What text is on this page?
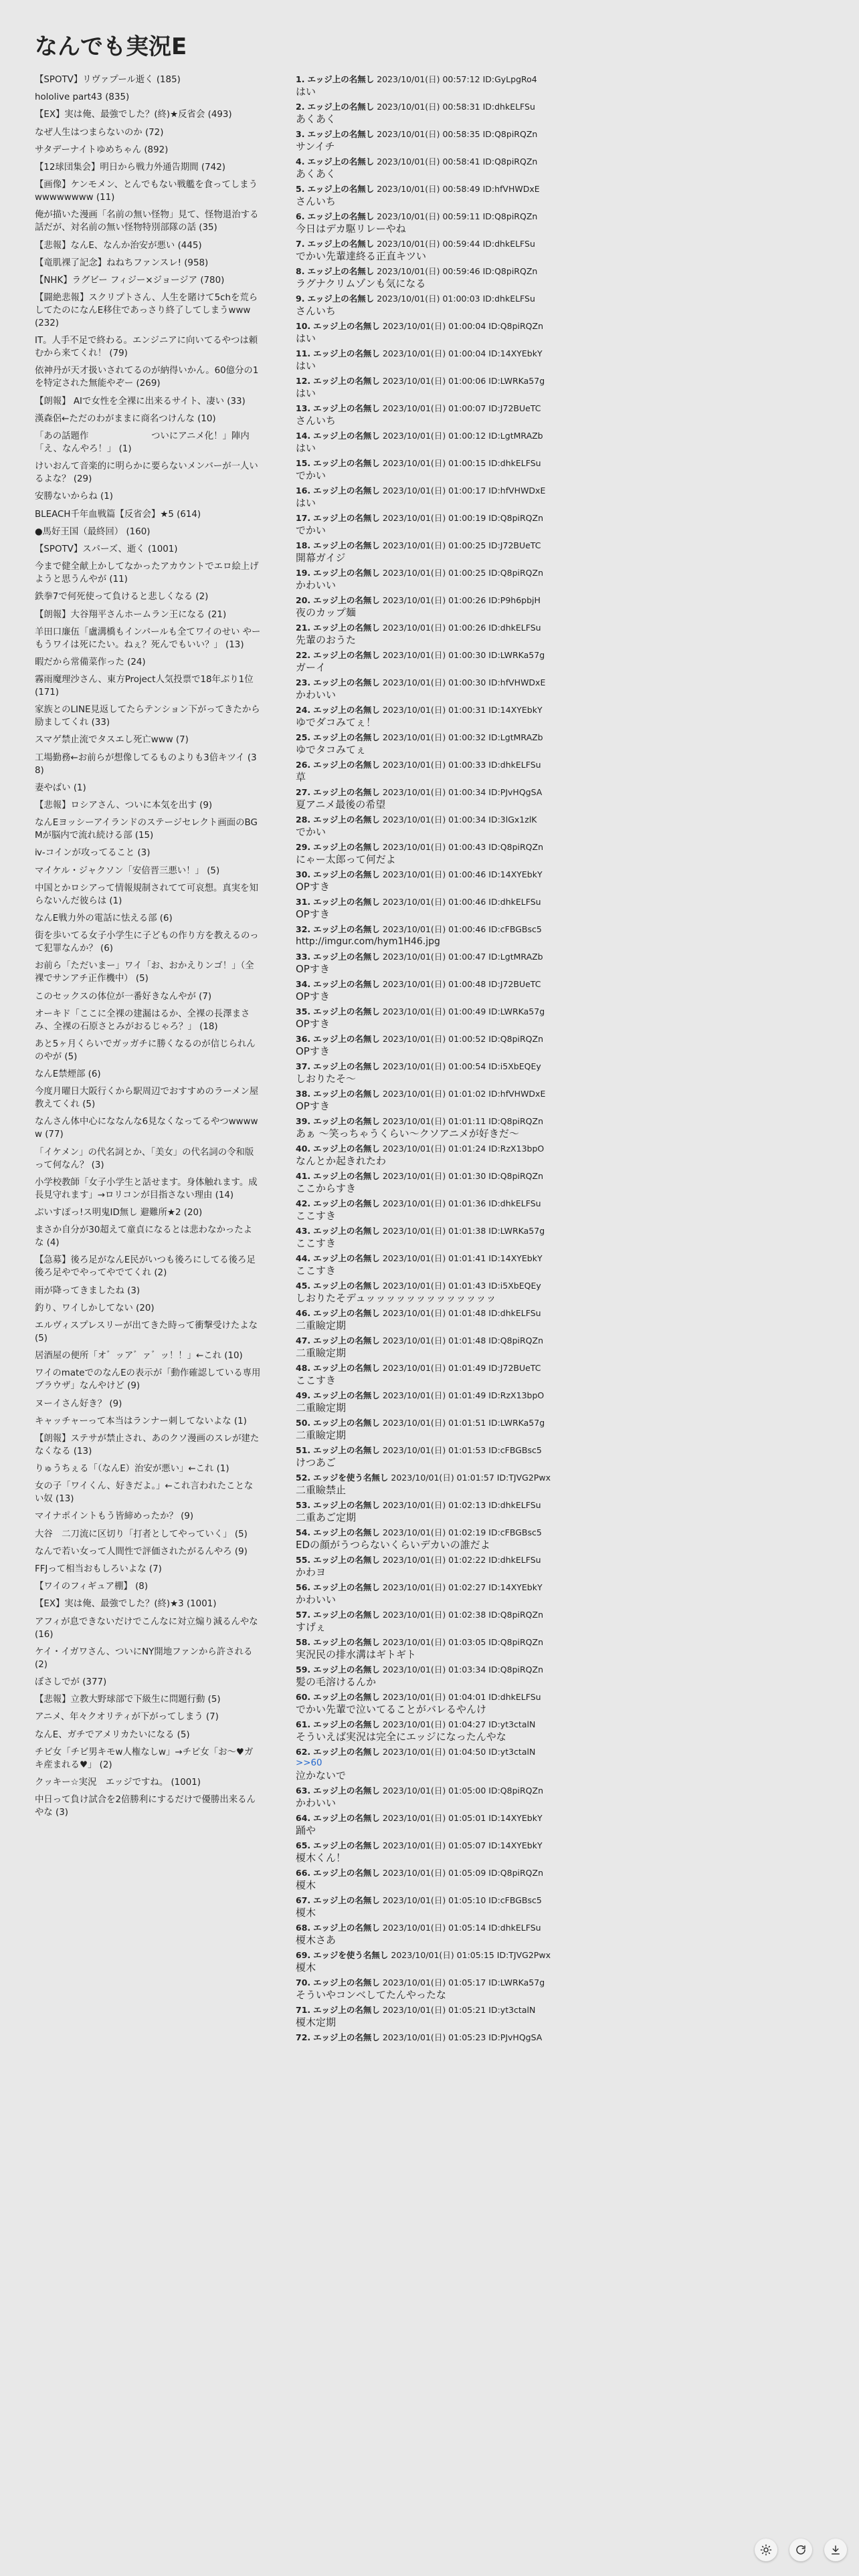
なんでも実況E
【SPOTV】リヴァプール逝く (185)
hololive part43 (835)
【EX】実は俺、最強でした？(終)★反省会 (493)
なぜ人生はつまらないのか (72)
サタデーナイトゆめちゃん (892)
【12球団集会】明日から戦力外通告期間 (742)
【画像】ケンモメン、とんでもない戦艦を食ってしまうwwwwwwww (11)
俺が描いた漫画「名前の無い怪物」見て、怪物退治する話だが、対名前の無い怪物特別部隊の話 (35)
【悲報】なんE、なんか治安が悪い (445)
【竜肌裸了記念】ねねちファンスレ! (958)
【NHK】ラグビー フィジー×ジョージア (780)
【闘絶悲報】スクリプトさん、人生を賭けて5chを荒らしてたのになんE移住であっさり終了してしまうwww (232)
IT。人手不足で終わる。エンジニアに向いてるやつは頼むから来てくれ！ (79)
依神丹が天才扱いされてるのが納得いかん。60億分の1を特定された無能やぞー (269)
【朗報】 AIで女性を全裸に出来るサイト、凄い (33)
漢森侶←ただのわがままに商名つけんな (10)
「あの話題作　　　　　　　ついにアニメ化！」陣内「え、なんやろ！」 (1)
けいおんて音楽的に明らかに要らないメンバーが一人いるよな？ (29)
安勝ないからね (1)
BLEACH千年血戦篇【反省会】★5 (614)
●馬好王国（最終回） (160)
【SPOTV】スパーズ、逝く (1001)
今まで健全献上かしてなかったアカウントでエロ絵上げようと思うんやが (11)
鉄拳7で何死使って負けると悲しくなる (2)
【朗報】大谷翔平さんホームラン王になる (21)
羊田口廉伍「盧溝橋もインパールも全てワイのせい やーもうワイは死にたい。ねぇ？死んでもいい？」 (13)
暇だから常備菜作った (24)
霧雨魔理沙さん、東方Project人気投票で18年ぶり1位 (171)
家族とのLINE見返してたらテンション下がってきたから励ましてくれ (33)
スマゲ禁止流でタスエし死亡www (7)
工場勤務←お前らが想像してるものよりも3倍キツイ (38)
妻やばい (1)
【悲報】ロシアさん、ついに本気を出す (9)
なんEヨッシーアイランドのステージセレクト画面のBGMが脳内で流れ続ける部 (15)
ⅳ-コインが攻ってること (3)
マイケル・ジャクソン「安倍晋三悪い！」 (5)
中国とかロシアって情報規制されてて可哀想。真実を知らないんだ彼らは (1)
なんE戦力外の電話に怯える部 (6)
街を歩いてる女子小学生に子どもの作り方を教えるのって犯罪なんか？ (6)
お前ら「ただいまー」ワイ「お、おかえりンゴ！」（全裸でサンアチ正作機中） (5)
このセックスの体位が一番好きなんやが (7)
オーキド「ここに全裸の建漏はるか、全裸の長澤まさみ、全裸の石原さとみがおるじゃろ？」 (18)
あと5ヶ月くらいでガッガチに勝くなるのが信じられんのやが (5)
なんE禁煙部 (6)
今度月曜日大阪行くから駅周辺でおすすめのラーメン屋教えてくれ (5)
なんさん体中心にななんな6見なくなってるやつwwwww (77)
「イケメン」の代名詞とか、「美女」の代名詞の令和版って何なん？ (3)
小学校教師「女子小学生と話せます。身体触れます。成長見守れます」→ロリコンが目指さない理由 (14)
ぶいすぽっ!ス明鬼ID無し 避難所★2 (20)
まさか自分が30超えて童貞になるとは悲わなかったよな (4)
【急募】後ろ足がなんE民がいつも後ろにしてる後ろ足後ろ足やでやってやでてくれ (2)
雨が降ってきましたね (3)
釣り、ワイしかしてない (20)
エルヴィスプレスリーが出てきた時って衝撃受けたよな (5)
居酒屋の便所「オ゛ッア゛ァ゛ッ！！」←これ (10)
ワイのmateでのなんEの表示が「動作確認している専用ブラウザ」なんやけど (9)
ヌーイさん好き？ (9)
キャッチャーって本当はランナー刺してないよな (1)
【朗報】ステサが禁止され、あのクソ漫画のスレが建たなくなる (13)
りゅうちぇる「（なんE）治安が悪い」←これ (1)
女の子「ワイくん、好きだよ。」←これ言われたことない奴 (13)
マイナポイントもう皆締めったか？ (9)
大谷　二刀流に区切り「打者としてやっていく」 (5)
なんで若い女って人間性で評価されたがるんやろ (9)
FFJって相当おもしろいよな (7)
【ワイのフィギュア棚】 (8)
【EX】実は俺、最強でした？(終)★3 (1001)
アフィが息できないだけでこんなに対立煽り減るんやな (16)
ケイ・イガワさん、ついにNY開地ファンから許される (2)
ぼさしでが (377)
【悲報】立教大野球部で下級生に問題行動 (5)
アニメ、年々クオリティが下がってしまう (7)
なんE、ガチでアメリカたいになる (5)
チビ女「チビ男キモw人権なしw」→チビ女「お〜♥ガキ産まれる♥」 (2)
クッキー☆実況　エッジですね。 (1001)
中日って負け試合を2倍勝利にするだけで優勝出来るんやな (3)
1. エッジ上の名無し 2023/10/01(日) 00:57:12 ID:GyLpgRo4
はい
2. エッジ上の名無し 2023/10/01(日) 00:58:31 ID:dhkELFSu
あくあく
3. エッジ上の名無し 2023/10/01(日) 00:58:35 ID:Q8piRQZn
サンイチ
4. エッジ上の名無し 2023/10/01(日) 00:58:41 ID:Q8piRQZn
あくあく
5. エッジ上の名無し 2023/10/01(日) 00:58:49 ID:hfVHWDxE
さんいち
6. エッジ上の名無し 2023/10/01(日) 00:59:11 ID:Q8piRQZn
今日はデカ駆リレーやね
7. エッジ上の名無し 2023/10/01(日) 00:59:44 ID:dhkELFSu
でかい先輩達終る正直キツい
8. エッジ上の名無し 2023/10/01(日) 00:59:46 ID:Q8piRQZn
ラグナクリムゾンも気になる
9. エッジ上の名無し 2023/10/01(日) 01:00:03 ID:dhkELFSu
さんいち
10. エッジ上の名無し 2023/10/01(日) 01:00:04 ID:Q8piRQZn
はい
11. エッジ上の名無し 2023/10/01(日) 01:00:04 ID:14XYEbkY
はい
12. エッジ上の名無し 2023/10/01(日) 01:00:06 ID:LWRKa57g
はい
13. エッジ上の名無し 2023/10/01(日) 01:00:07 ID:J72BUeTC
さんいち
14. エッジ上の名無し 2023/10/01(日) 01:00:12 ID:LgtMRAZb
はい
15. エッジ上の名無し 2023/10/01(日) 01:00:15 ID:dhkELFSu
でかい
16. エッジ上の名無し 2023/10/01(日) 01:00:17 ID:hfVHWDxE
はい
17. エッジ上の名無し 2023/10/01(日) 01:00:19 ID:Q8piRQZn
でかい
18. エッジ上の名無し 2023/10/01(日) 01:00:25 ID:J72BUeTC
開幕ガイジ
19. エッジ上の名無し 2023/10/01(日) 01:00:25 ID:Q8piRQZn
かわいい
20. エッジ上の名無し 2023/10/01(日) 01:00:26 ID:P9h6pbjH
夜のカップ麺
21. エッジ上の名無し 2023/10/01(日) 01:00:26 ID:dhkELFSu
先輩のおうた
22. エッジ上の名無し 2023/10/01(日) 01:00:30 ID:LWRKa57g
ガーイ
23. エッジ上の名無し 2023/10/01(日) 01:00:30 ID:hfVHWDxE
かわいい
24. エッジ上の名無し 2023/10/01(日) 01:00:31 ID:14XYEbkY
ゆでダコみてぇ！
25. エッジ上の名無し 2023/10/01(日) 01:00:32 ID:LgtMRAZb
ゆでタコみてぇ
26. エッジ上の名無し 2023/10/01(日) 01:00:33 ID:dhkELFSu
草
27. エッジ上の名無し 2023/10/01(日) 01:00:34 ID:PJvHQgSA
夏アニメ最後の希望
28. エッジ上の名無し 2023/10/01(日) 01:00:34 ID:3lGx1zlK
でかい
29. エッジ上の名無し 2023/10/01(日) 01:00:43 ID:Q8piRQZn
にゃー太郎って何だよ
30. エッジ上の名無し 2023/10/01(日) 01:00:46 ID:14XYEbkY
OPすき
31. エッジ上の名無し 2023/10/01(日) 01:00:46 ID:dhkELFSu
OPすき
32. エッジ上の名無し 2023/10/01(日) 01:00:46 ID:cFBGBsc5
http://imgur.com/hym1H46.jpg
33. エッジ上の名無し 2023/10/01(日) 01:00:47 ID:LgtMRAZb
OPすき
34. エッジ上の名無し 2023/10/01(日) 01:00:48 ID:J72BUeTC
OPすき
35. エッジ上の名無し 2023/10/01(日) 01:00:49 ID:LWRKa57g
OPすき
36. エッジ上の名無し 2023/10/01(日) 01:00:52 ID:Q8piRQZn
OPすき
37. エッジ上の名無し 2023/10/01(日) 01:00:54 ID:i5XbEQEy
しおりたそ〜
38. エッジ上の名無し 2023/10/01(日) 01:01:02 ID:hfVHWDxE
OPすき
39. エッジ上の名無し 2023/10/01(日) 01:01:11 ID:Q8piRQZn
あぁ ～笑っちゃうくらい～クソアニメが好きだ～
40. エッジ上の名無し 2023/10/01(日) 01:01:24 ID:RzX13bpO
なんとか起きれたわ
41. エッジ上の名無し 2023/10/01(日) 01:01:30 ID:Q8piRQZn
ここからすき
42. エッジ上の名無し 2023/10/01(日) 01:01:36 ID:dhkELFSu
ここすき
43. エッジ上の名無し 2023/10/01(日) 01:01:38 ID:LWRKa57g
ここすき
44. エッジ上の名無し 2023/10/01(日) 01:01:41 ID:14XYEbkY
ここすき
45. エッジ上の名無し 2023/10/01(日) 01:01:43 ID:i5XbEQEy
しおりたそデュッッッッッッッッッッッッッ
46. エッジ上の名無し 2023/10/01(日) 01:01:48 ID:dhkELFSu
二重瞼定期
47. エッジ上の名無し 2023/10/01(日) 01:01:48 ID:Q8piRQZn
二重瞼定期
48. エッジ上の名無し 2023/10/01(日) 01:01:49 ID:J72BUeTC
ここすき
49. エッジ上の名無し 2023/10/01(日) 01:01:49 ID:RzX13bpO
二重瞼定期
50. エッジ上の名無し 2023/10/01(日) 01:01:51 ID:LWRKa57g
二重瞼定期
51. エッジ上の名無し 2023/10/01(日) 01:01:53 ID:cFBGBsc5
けつあご
52. エッジを使う名無し 2023/10/01(日) 01:01:57 ID:TJVG2Pwx
二重瞼禁止
53. エッジ上の名無し 2023/10/01(日) 01:02:13 ID:dhkELFSu
二重あご定期
54. エッジ上の名無し 2023/10/01(日) 01:02:19 ID:cFBGBsc5
EDの顔がうつらないくらいデカいの誰だよ
55. エッジ上の名無し 2023/10/01(日) 01:02:22 ID:dhkELFSu
かわヨ
56. エッジ上の名無し 2023/10/01(日) 01:02:27 ID:14XYEbkY
かわいい
57. エッジ上の名無し 2023/10/01(日) 01:02:38 ID:Q8piRQZn
すげぇ
58. エッジ上の名無し 2023/10/01(日) 01:03:05 ID:Q8piRQZn
実況民の排水溝はギトギト
59. エッジ上の名無し 2023/10/01(日) 01:03:34 ID:Q8piRQZn
髪の毛溶けるんか
60. エッジ上の名無し 2023/10/01(日) 01:04:01 ID:dhkELFSu
でかい先輩で泣いてることがバレるやんけ
61. エッジ上の名無し 2023/10/01(日) 01:04:27 ID:yt3ctalN
そういえば実況は完全にエッジになったんやな
62. エッジ上の名無し 2023/10/01(日) 01:04:50 ID:yt3ctalN
>>60
泣かないで
63. エッジ上の名無し 2023/10/01(日) 01:05:00 ID:Q8piRQZn
かわいい
64. エッジ上の名無し 2023/10/01(日) 01:05:01 ID:14XYEbkY
踊や
65. エッジ上の名無し 2023/10/01(日) 01:05:07 ID:14XYEbkY
榎木くん！
66. エッジ上の名無し 2023/10/01(日) 01:05:09 ID:Q8piRQZn
榎木
67. エッジ上の名無し 2023/10/01(日) 01:05:10 ID:cFBGBsc5
榎木
68. エッジ上の名無し 2023/10/01(日) 01:05:14 ID:dhkELFSu
榎木さあ
69. エッジを使う名無し 2023/10/01(日) 01:05:15 ID:TJVG2Pwx
榎木
70. エッジ上の名無し 2023/10/01(日) 01:05:17 ID:LWRKa57g
そういやコンベしてたんやったな
71. エッジ上の名無し 2023/10/01(日) 01:05:21 ID:yt3ctalN
榎木定期
72. エッジ上の名無し 2023/10/01(日) 01:05:23 ID:PJvHQgSA
